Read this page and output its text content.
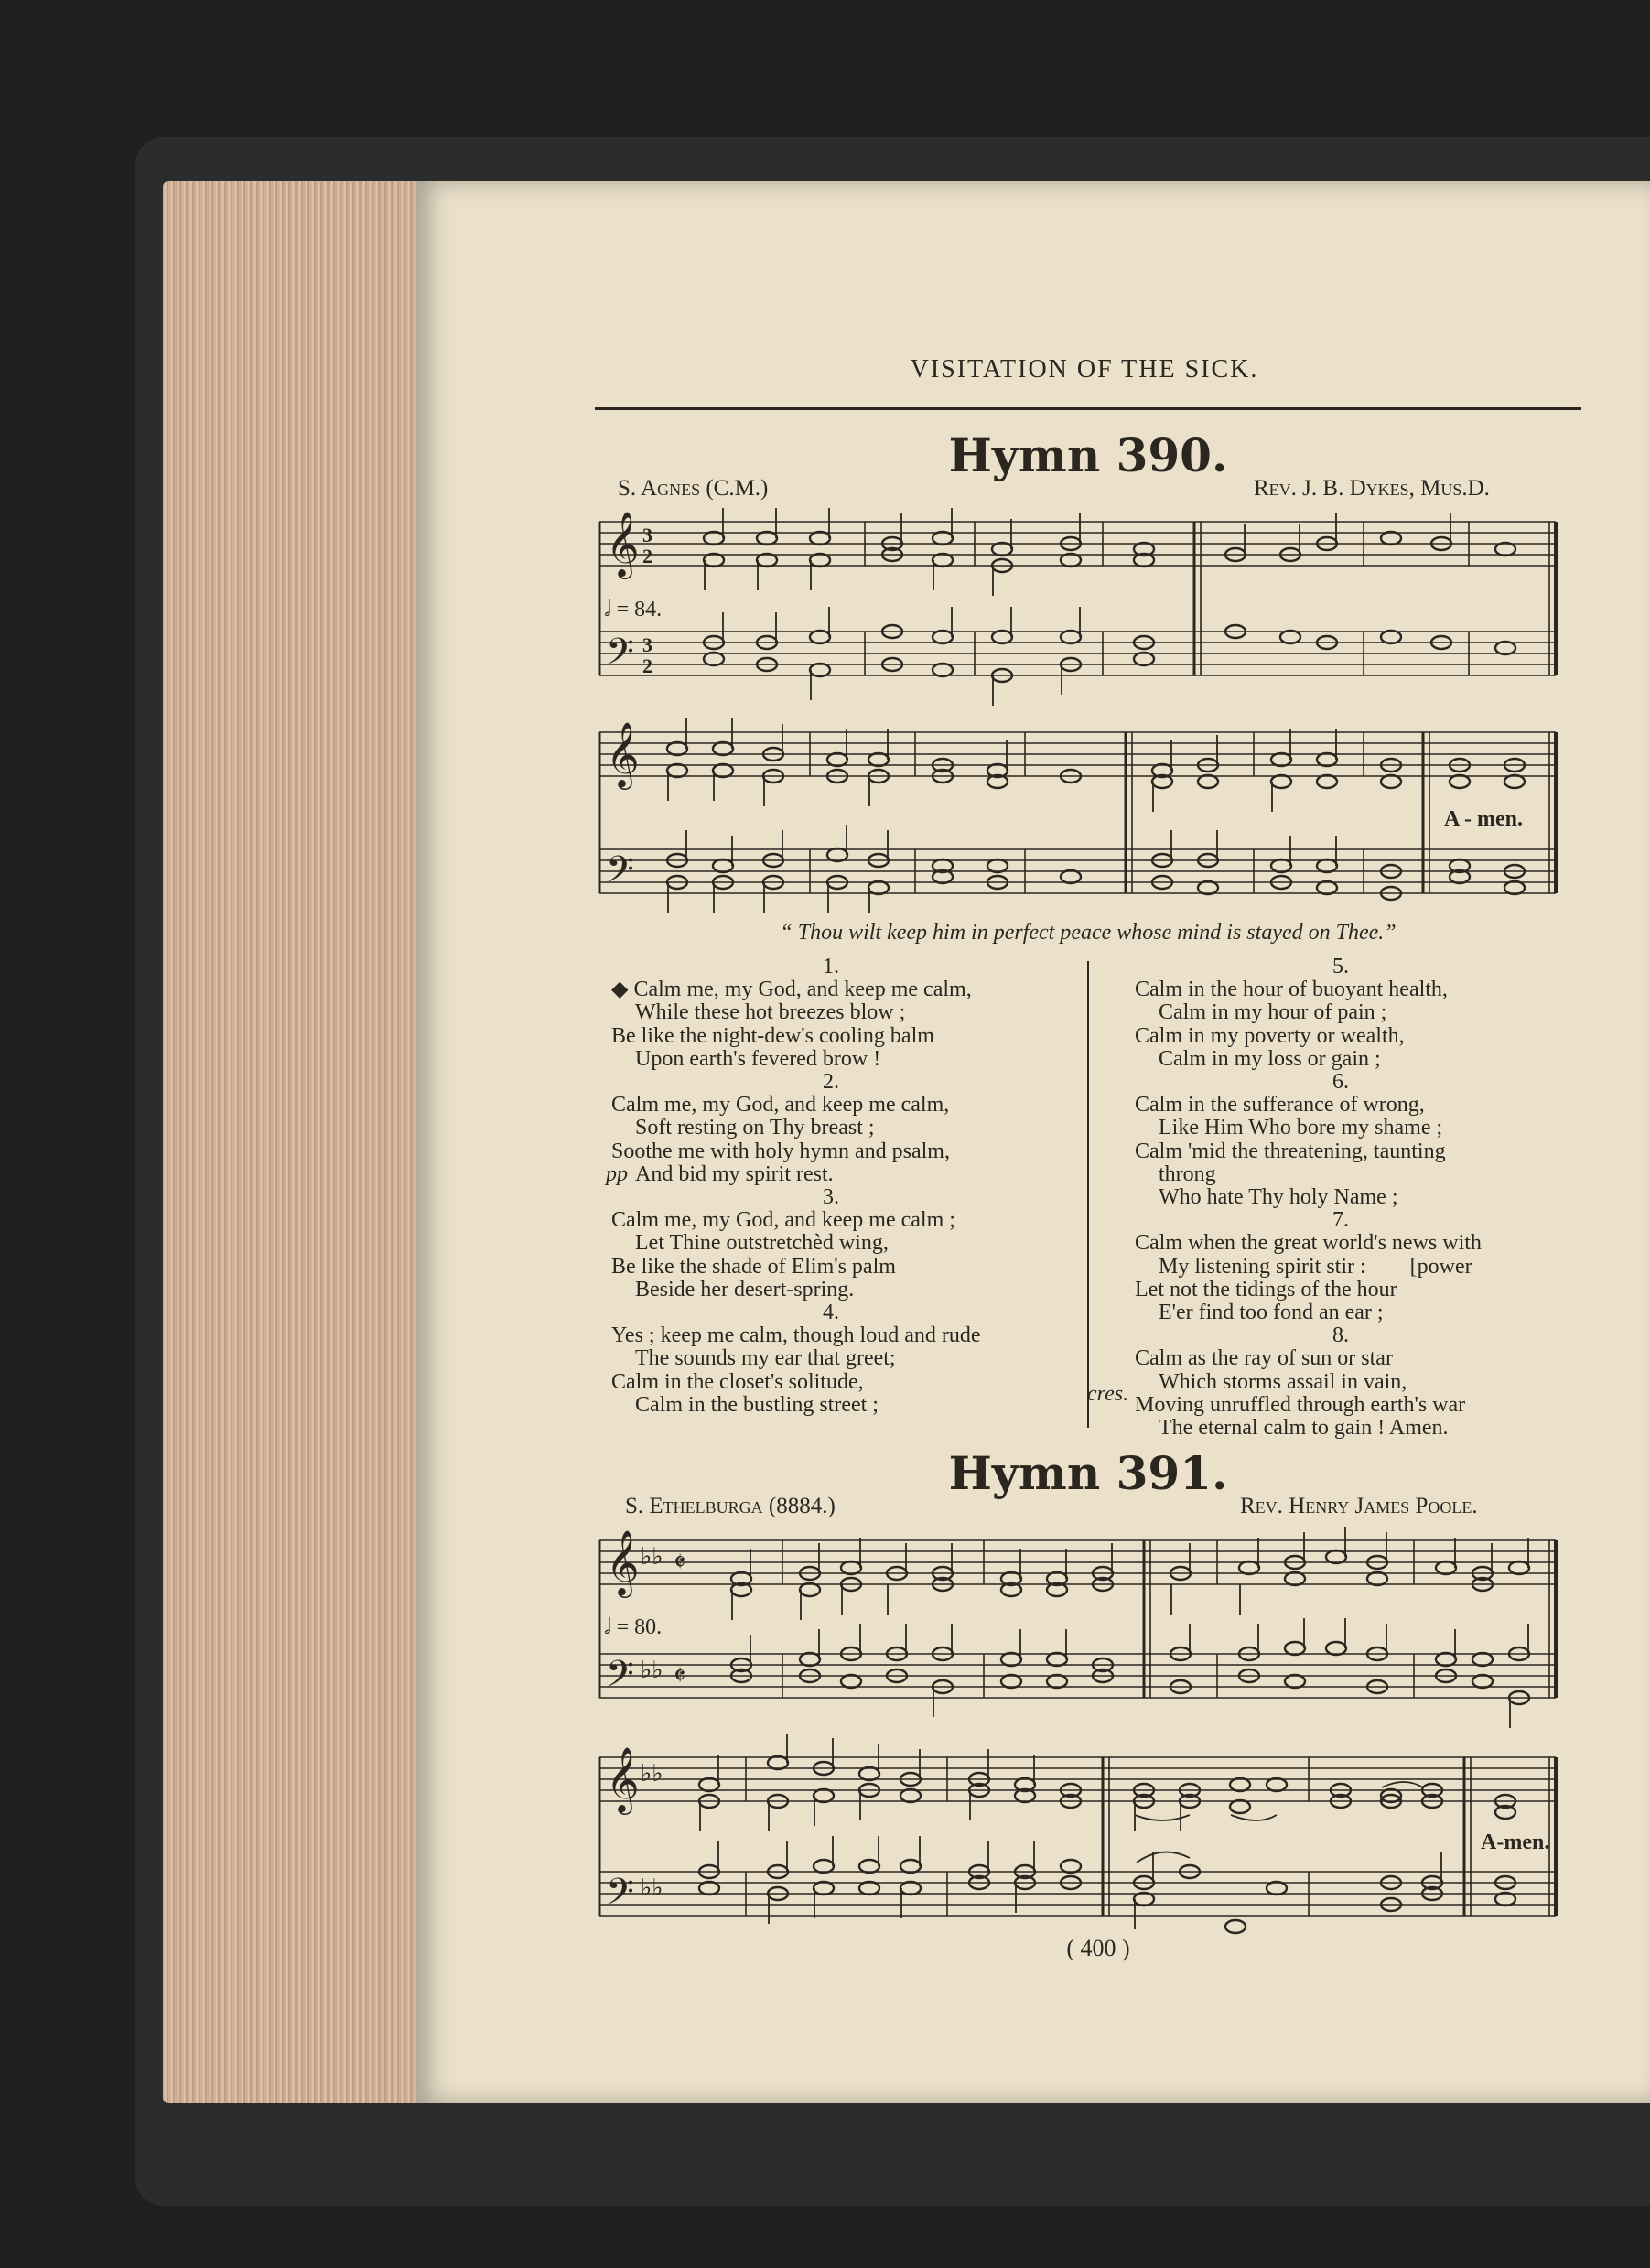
VISITATION OF THE SICK.
Hymn 390.
S. Agnes (C.M.)	Rev. J. B. Dykes, Mus.D.
𝄞
𝄢
3
2
3
2
𝅗𝅥 = 84.
𝄞
𝄢
A - men.
“ Thou wilt keep him in perfect peace whose mind is stayed on Thee.”
1.
◆ Calm me, my God, and keep me calm,
While these hot breezes blow ;
Be like the night-dew's cooling balm
Upon earth's fevered brow !
2.
Calm me, my God, and keep me calm,
Soft resting on Thy breast ;
Soothe me with holy hymn and psalm,
And bid my spirit rest.
3.
Calm me, my God, and keep me calm ;
Let Thine outstretchèd wing,
Be like the shade of Elim's palm
Beside her desert-spring.
4.
Yes ; keep me calm, though loud and rude
The sounds my ear that greet;
Calm in the closet's solitude,
Calm in the bustling street ;
pp
5.
Calm in the hour of buoyant health,
Calm in my hour of pain ;
Calm in my poverty or wealth,
Calm in my loss or gain ;
6.
Calm in the sufferance of wrong,
Like Him Who bore my shame ;
Calm 'mid the threatening, taunting
throng
Who hate Thy holy Name ;
7.
Calm when the great world's news with
My listening spirit stir :        [power
Let not the tidings of the hour
E'er find too fond an ear ;
8.
Calm as the ray of sun or star
Which storms assail in vain,
Moving unruffled through earth's war
The eternal calm to gain ! Amen.
cres.
Hymn 391.
S. Ethelburga (8884.)	Rev. Henry James Poole.
𝄞
𝄢
♭♭
♭♭
𝄵
𝄵
𝅗𝅥 = 80.
𝄞
𝄢
♭♭
♭♭
A-men.
( 400 )
